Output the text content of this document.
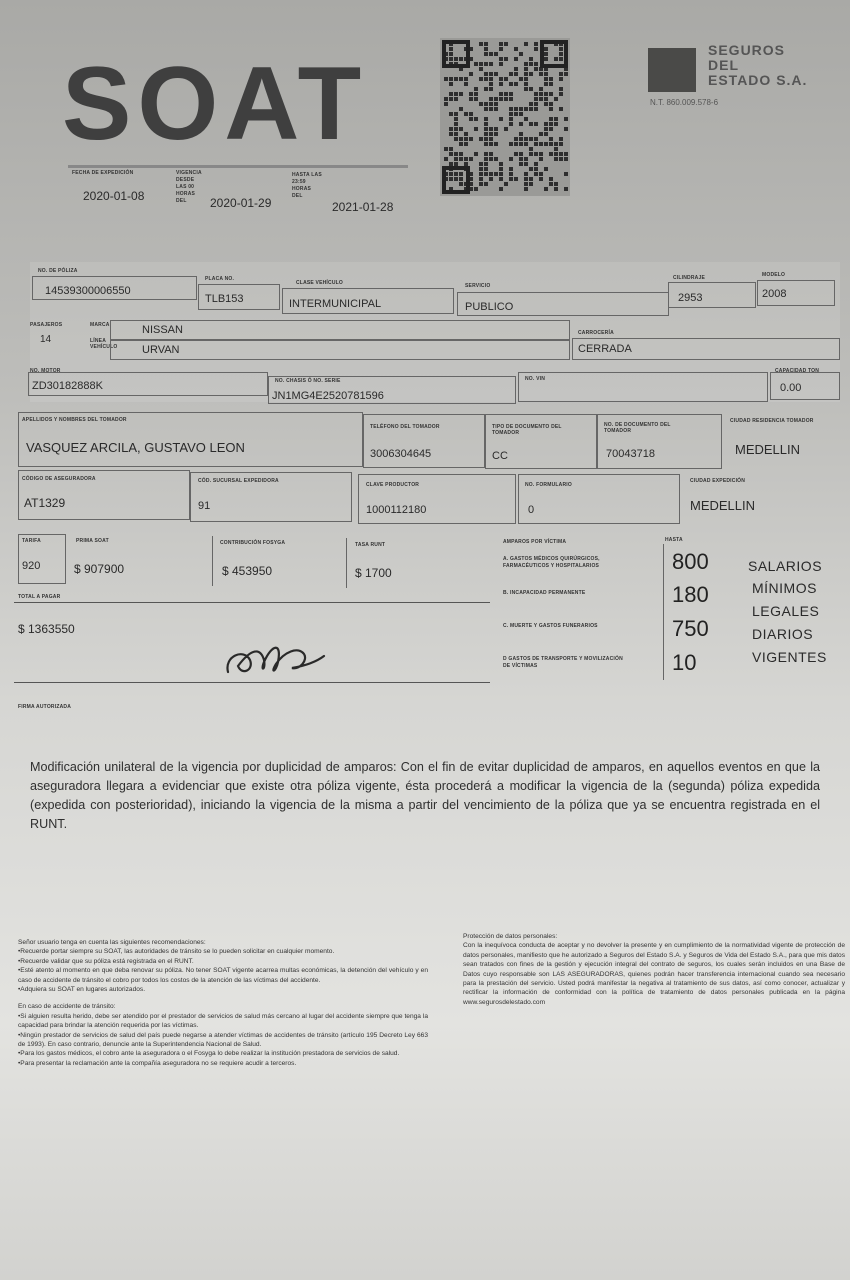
SOAT
FECHA DE EXPEDICIÓN
2020-01-08
VIGENCIA DESDE LAS 00 HORAS DEL	2020-01-29
HASTA LAS 23:59 HORAS DEL
2021-01-28
SEGUROS
DEL
ESTADO S.A.
N.T. 860.009.578-6
NO. DE PÓLIZA
14539300006550
PLACA NO.
TLB153
CLASE VEHÍCULO
INTERMUNICIPAL
SERVICIO
PUBLICO
CILINDRAJE
2953
MODELO
2008
PASAJEROS
14
MARCA	NISSAN
LÍNEA VEHÍCULO URVAN
CARROCERÍA
CERRADA
NO. MOTOR
ZD30182888K	NO. CHASIS Ó NO. SERIE
JN1MG4E2520781596
NO. VIN
CAPACIDAD TON
0.00
APELLIDOS Y NOMBRES DEL TOMADOR
VASQUEZ ARCILA, GUSTAVO LEON
TELÉFONO DEL TOMADOR
3006304645
TIPO DE DOCUMENTO DEL TOMADOR
CC
NO. DE DOCUMENTO DEL TOMADOR
70043718
CIUDAD RESIDENCIA TOMADOR
MEDELLIN
CÓDIGO DE ASEGURADORA
AT1329
CÓD. SUCURSAL EXPEDIDORA
91
CLAVE PRODUCTOR
1000112180
NO. FORMULARIO
0
CIUDAD EXPEDICIÓN
MEDELLIN
TARIFA
920
PRIMA SOAT
$ 907900
CONTRIBUCIÓN FOSYGA
$ 453950
TASA RUNT
$ 1700
TOTAL A PAGAR
$ 1363550
FIRMA AUTORIZADA
AMPAROS POR VÍCTIMA	HASTA
A. GASTOS MÉDICOS QUIRÚRGICOS, FARMACÉUTICOS Y HOSPITALARIOS	800
B. INCAPACIDAD PERMANENTE	180
C. MUERTE Y GASTOS FUNERARIOS	750
D GASTOS DE TRANSPORTE Y MOVILIZACIÓN DE VÍCTIMAS	10
SALARIOS
MÍNIMOS
LEGALES
DIARIOS
VIGENTES
Modificación unilateral de la vigencia por duplicidad de amparos: Con el fin de evitar duplicidad de amparos, en aquellos eventos en que la aseguradora llegara a evidenciar que existe otra póliza vigente, ésta procederá a modificar la vigencia de la (segunda) póliza expedida (expedida con posterioridad), iniciando la vigencia de la misma a partir del vencimiento de la póliza que ya se encuentra registrada en el RUNT.

Señor usuario tenga en cuenta las siguientes recomendaciones:

•Recuerde portar siempre su SOAT, las autoridades de tránsito se lo pueden solicitar en cualquier momento.

•Recuerde validar que su póliza está registrada en el RUNT.

•Esté atento al momento en que deba renovar su póliza. No tener SOAT vigente acarrea multas económicas, la detención del vehículo y en caso de accidente de tránsito el cobro por todos los costos de la atención de las víctimas del accidente.

•Adquiera su SOAT en lugares autorizados.

En caso de accidente de tránsito:

•Si alguien resulta herido, debe ser atendido por el prestador de servicios de salud más cercano al lugar del accidente siempre que tenga la capacidad para brindar la atención requerida por las víctimas.

•Ningún prestador de servicios de salud del país puede negarse a atender víctimas de accidentes de tránsito (artículo 195 Decreto Ley 663 de 1993). En caso contrario, denuncie ante la Superintendencia Nacional de Salud.

•Para los gastos médicos, el cobro ante la aseguradora o el Fosyga lo debe realizar la institución prestadora de servicios de salud.

•Para presentar la reclamación ante la compañía aseguradora no se requiere acudir a terceros.

Protección de datos personales:

Con la inequívoca conducta de aceptar y no devolver la presente y en cumplimiento de la normatividad vigente de protección de datos personales, manifiesto que he autorizado a Seguros del Estado S.A. y Seguros de Vida del Estado S.A., para que mis datos sean tratados con fines de la gestión y ejecución integral del contrato de seguros, los cuales serán incluidos en una Base de Datos cuyo responsable son LAS ASEGURADORAS, quienes podrán hacer transferencia internacional cuando sea necesario para la prestación del servicio. Usted podrá manifestar la negativa al tratamiento de sus datos, así como conocer, actualizar y rectificar la información de conformidad con la política de tratamiento de datos personales publicada en la página www.segurosdelestado.com
